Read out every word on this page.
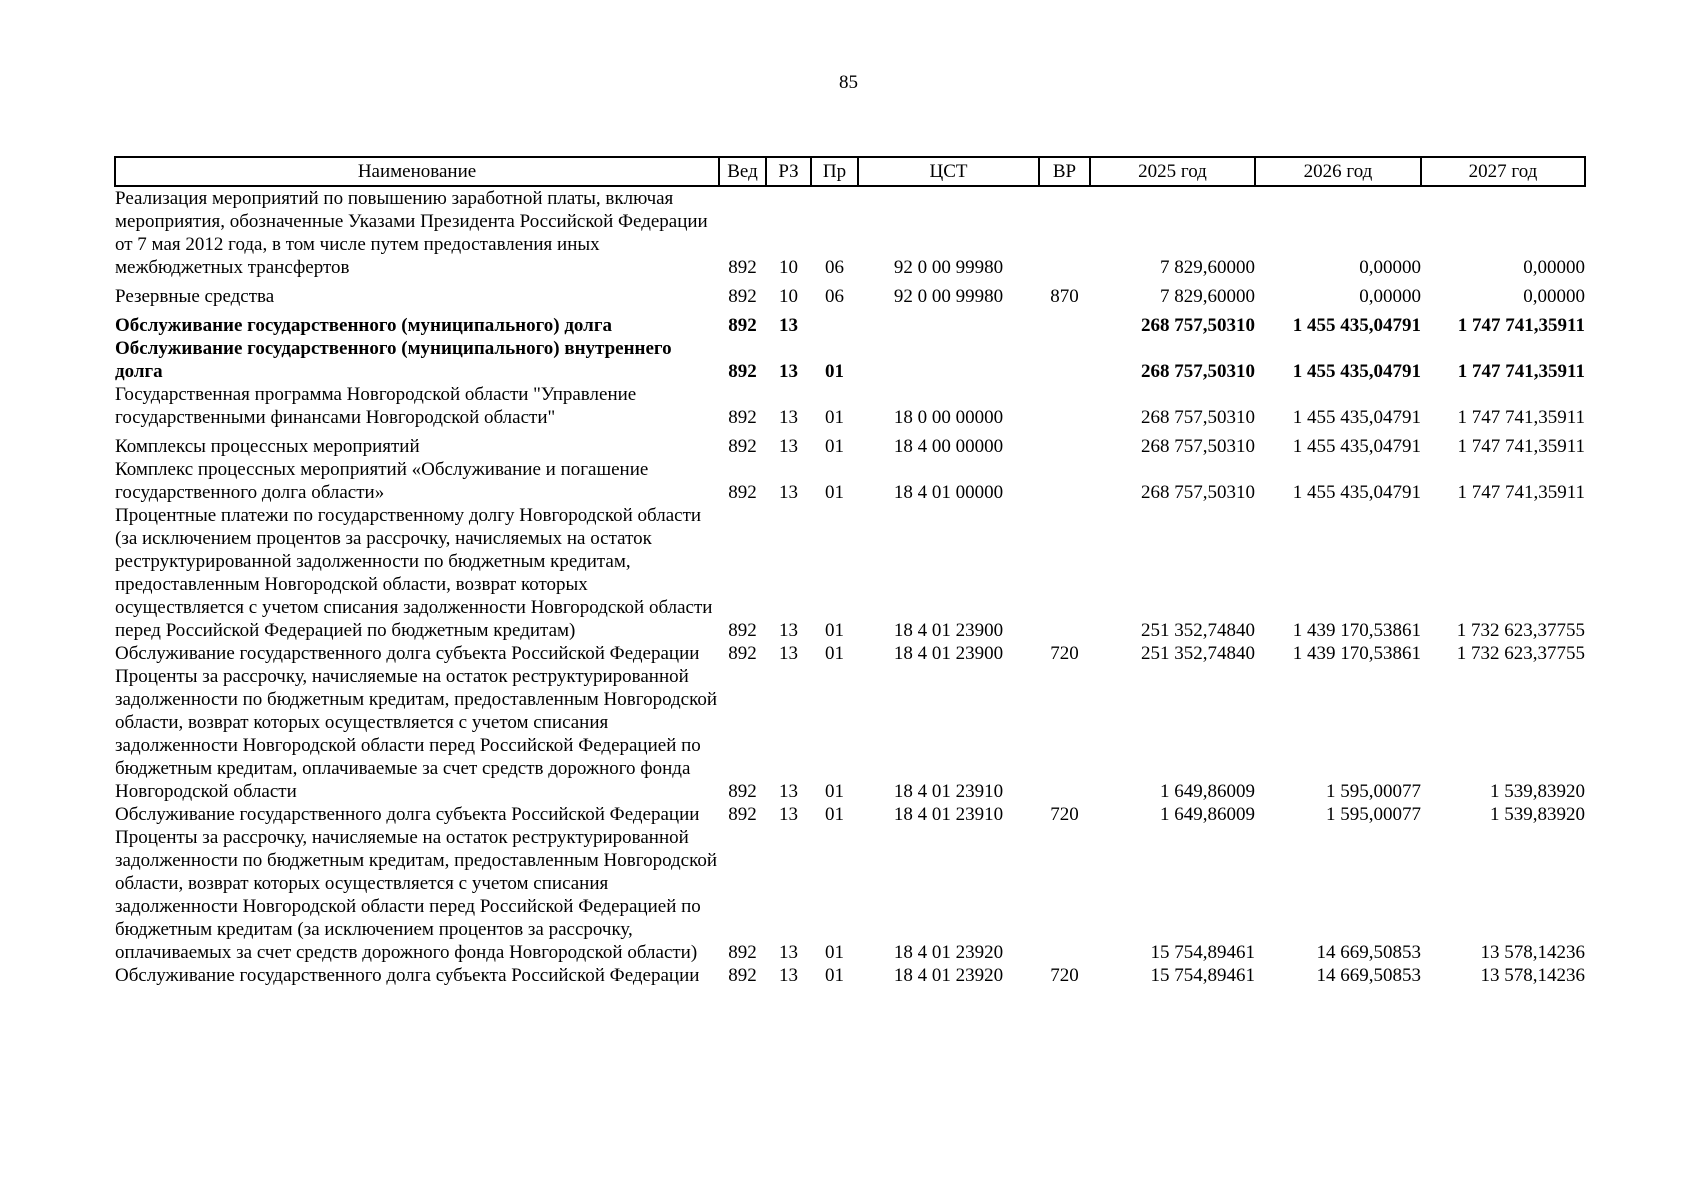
85
Наименование	Вед	РЗ	Пр	ЦСТ	ВР	2025 год	2026 год	2027 год
Реализация мероприятий по повышению заработной платы, включая мероприятия, обозначенные Указами Президента Российской Федерации от 7 мая 2012 года, в том числе путем предоставления иных межбюджетных трансфертов	892	10	06	92 0 00 99980		7 829,60000	0,00000	0,00000
Резервные средства	892	10	06	92 0 00 99980	870	7 829,60000	0,00000	0,00000
Обслуживание государственного (муниципального) долга	892	13				268 757,50310	1 455 435,04791	1 747 741,35911
Обслуживание государственного (муниципального) внутреннего долга	892	13	01			268 757,50310	1 455 435,04791	1 747 741,35911
Государственная программа Новгородской области "Управление государственными финансами Новгородской области"	892	13	01	18 0 00 00000		268 757,50310	1 455 435,04791	1 747 741,35911
Комплексы процессных мероприятий	892	13	01	18 4 00 00000		268 757,50310	1 455 435,04791	1 747 741,35911
Комплекс процессных мероприятий «Обслуживание и погашение государственного долга области»	892	13	01	18 4 01 00000		268 757,50310	1 455 435,04791	1 747 741,35911
Процентные платежи по государственному долгу Новгородской области (за исключением процентов за рассрочку, начисляемых на остаток реструктурированной задолженности по бюджетным кредитам, предоставленным Новгородской области, возврат которых осуществляется с учетом списания задолженности Новгородской области перед Российской Федерацией по бюджетным кредитам)	892	13	01	18 4 01 23900		251 352,74840	1 439 170,53861	1 732 623,37755
Обслуживание государственного долга субъекта Российской Федерации	892	13	01	18 4 01 23900	720	251 352,74840	1 439 170,53861	1 732 623,37755
Проценты за рассрочку, начисляемые на остаток реструктурированной задолженности по бюджетным кредитам, предоставленным Новгородской области, возврат которых осуществляется с учетом списания задолженности Новгородской области перед Российской Федерацией по бюджетным кредитам, оплачиваемые за счет средств дорожного фонда Новгородской области	892	13	01	18 4 01 23910		1 649,86009	1 595,00077	1 539,83920
Обслуживание государственного долга субъекта Российской Федерации	892	13	01	18 4 01 23910	720	1 649,86009	1 595,00077	1 539,83920
Проценты за рассрочку, начисляемые на остаток реструктурированной задолженности по бюджетным кредитам, предоставленным Новгородской области, возврат которых осуществляется с учетом списания задолженности Новгородской области перед Российской Федерацией по бюджетным кредитам (за исключением процентов за рассрочку, оплачиваемых за счет средств дорожного фонда Новгородской области)	892	13	01	18 4 01 23920		15 754,89461	14 669,50853	13 578,14236
Обслуживание государственного долга субъекта Российской Федерации	892	13	01	18 4 01 23920	720	15 754,89461	14 669,50853	13 578,14236
